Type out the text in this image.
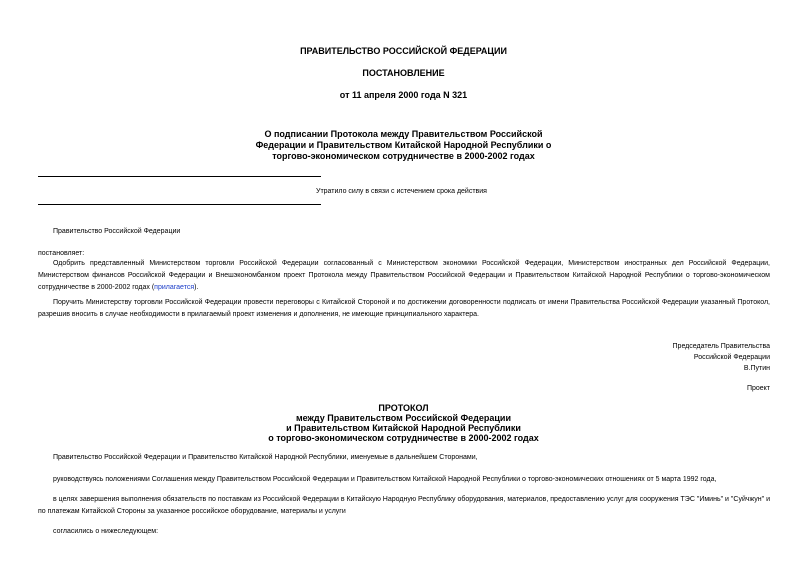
ПРАВИТЕЛЬСТВО РОССИЙСКОЙ ФЕДЕРАЦИИ
ПОСТАНОВЛЕНИЕ
от 11 апреля 2000 года N 321
О подписании Протокола между Правительством Российской
Федерации и Правительством Китайской Народной Республики о
торгово-экономическом сотрудничестве в 2000-2002 годах
Утратило силу в связи с истечением срока действия
Правительство Российской Федерации
постановляет:
Одобрить представленный Министерством торговли Российской Федерации согласованный с Министерством экономики Российской Федерации, Министерством иностранных дел Российской Федерации, Министерством финансов Российской Федерации и Внешэкономбанком проект Протокола между Правительством Российской Федерации и Правительством Китайской Народной Республики о торгово-экономическом сотрудничестве в 2000-2002 годах (прилагается).
Поручить Министерству торговли Российской Федерации провести переговоры с Китайской Стороной и по достижении договоренности подписать от имени Правительства Российской Федерации указанный Протокол, разрешив вносить в случае необходимости в прилагаемый проект изменения и дополнения, не имеющие принципиального характера.
Председатель Правительства
Российской Федерации
В.Путин
Проект
ПРОТОКОЛ
между Правительством Российской Федерации
и Правительством Китайской Народной Республики
о торгово-экономическом сотрудничестве в 2000-2002 годах
Правительство Российской Федерации и Правительство Китайской Народной Республики, именуемые в дальнейшем Сторонами,
руководствуясь положениями Соглашения между Правительством Российской Федерации и Правительством Китайской Народной Республики о торгово-экономических отношениях от 5 марта 1992 года,
в целях завершения выполнения обязательств по поставкам из Российской Федерации в Китайскую Народную Республику оборудования, материалов, предоставлению услуг для сооружения ТЭС "Иминь" и "Суйчжун" и по платежам Китайской Стороны за указанное российское оборудование, материалы и услуги
согласились о нижеследующем:
